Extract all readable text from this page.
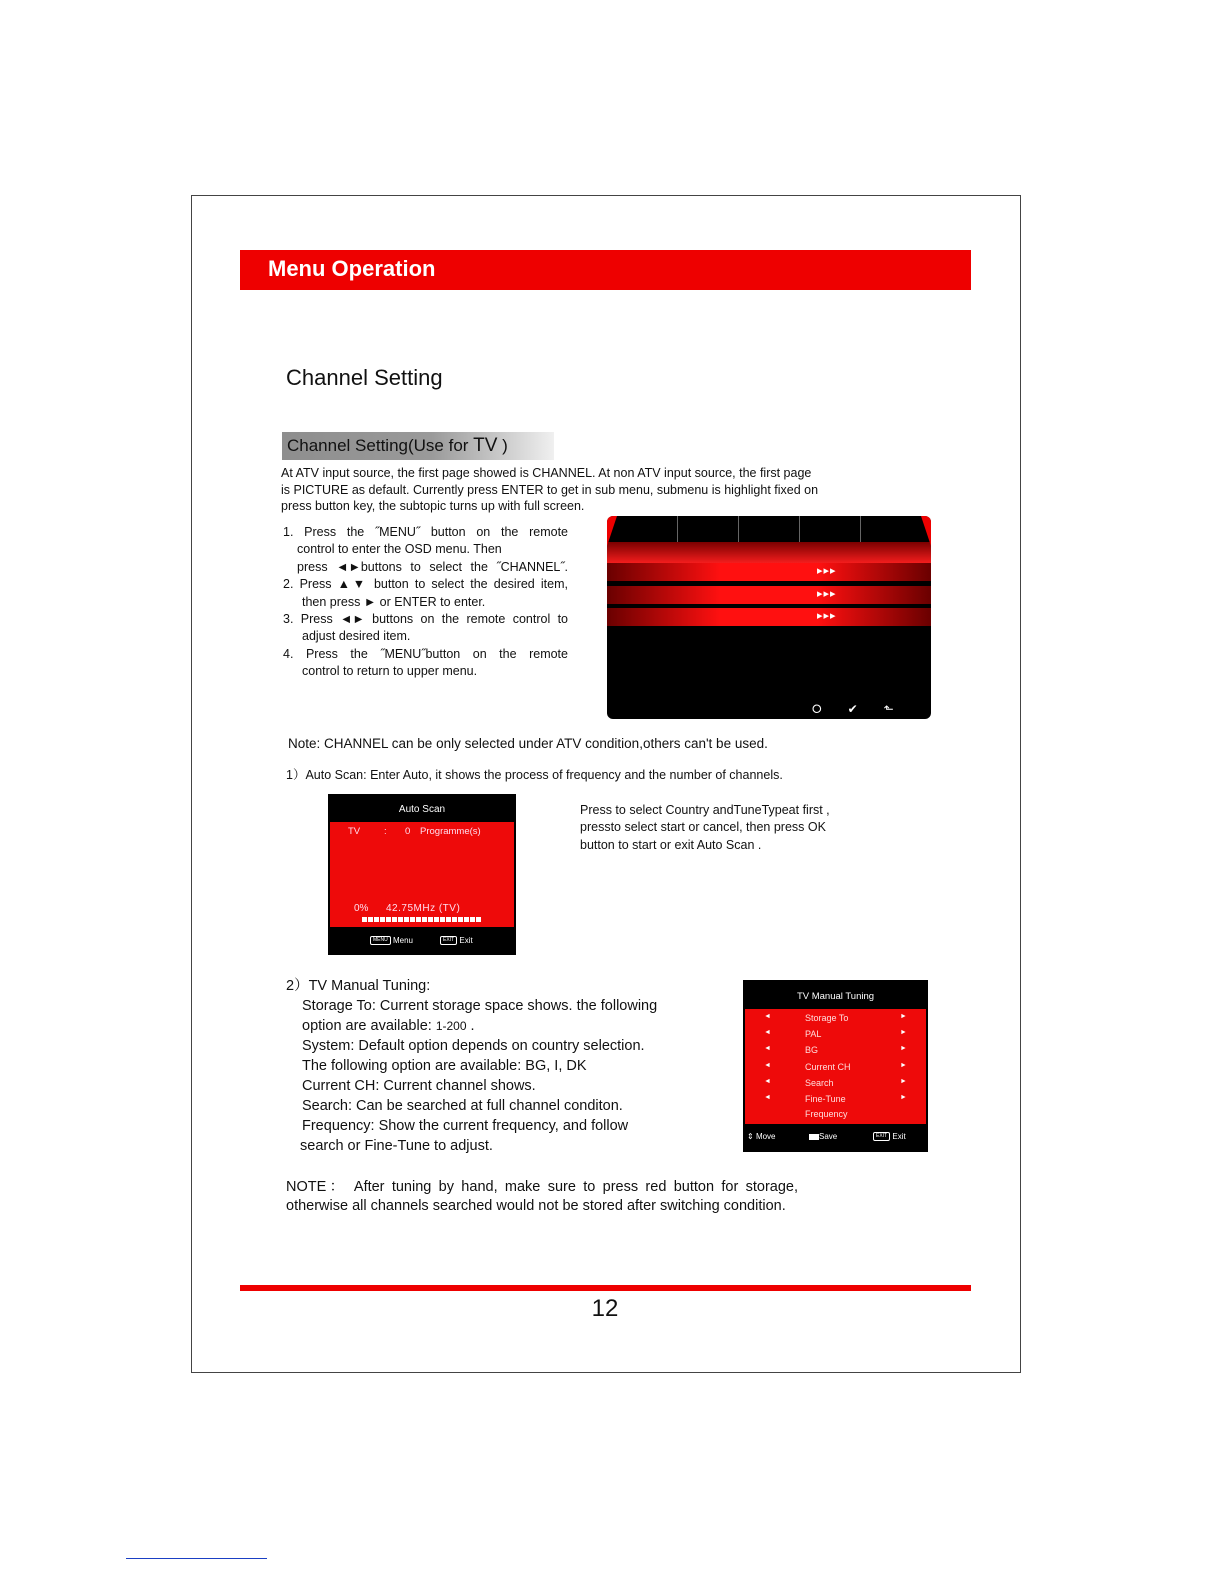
Menu Operation
Channel Setting
Channel Setting(Use for TV )
At ATV input source, the first page showed is CHANNEL. At non ATV input source, the first page
is PICTURE as default. Currently press ENTER to get in sub menu, submenu is highlight fixed on
press button key, the subtopic turns up with full screen.
1. Press the ˝MENU˝ button on the remote
control to enter the OSD menu. Then
press ◄►buttons to select the ˝CHANNEL˝.
2. Press ▲▼ button to select the desired item,
then press ► or ENTER to enter.
3. Press ◄► buttons on the remote control to
adjust desired item.
4. Press the ˝MENU˝button on the remote
control to return to upper menu.
▸▸▸
▸▸▸
▸▸▸
⭘ ✔ ⬑
Note: CHANNEL can be only selected under ATV condition,others can't be used.
1）Auto Scan: Enter Auto, it shows the process of frequency and the number of channels.
Auto Scan
TV	: 0 Programme(s)
0% 42.75MHz (TV)
MENU Menu	EXIT Exit
Press to select Country andTuneTypeat first ,
pressto select start or cancel, then press OK
button to start or exit Auto Scan .
2）TV Manual Tuning:
Storage To: Current storage space shows. the following
option are available: 1-200 .
System: Default option depends on country selection.
The following option are available: BG, I, DK
Current CH: Current channel shows.
Search: Can be searched at full channel conditon.
Frequency: Show the current frequency, and follow
search or Fine-Tune to adjust.
TV Manual Tuning
◄	Storage To	►
◄	PAL	►
◄	BG	►
◄	Current CH	►
◄	Search	►
◄	Fine-Tune	►
Frequency
⇕ Move	Save	EXIT Exit
NOTE： After tuning by hand, make sure to press red button for storage,
otherwise all channels searched would not be stored after switching condition.
12
